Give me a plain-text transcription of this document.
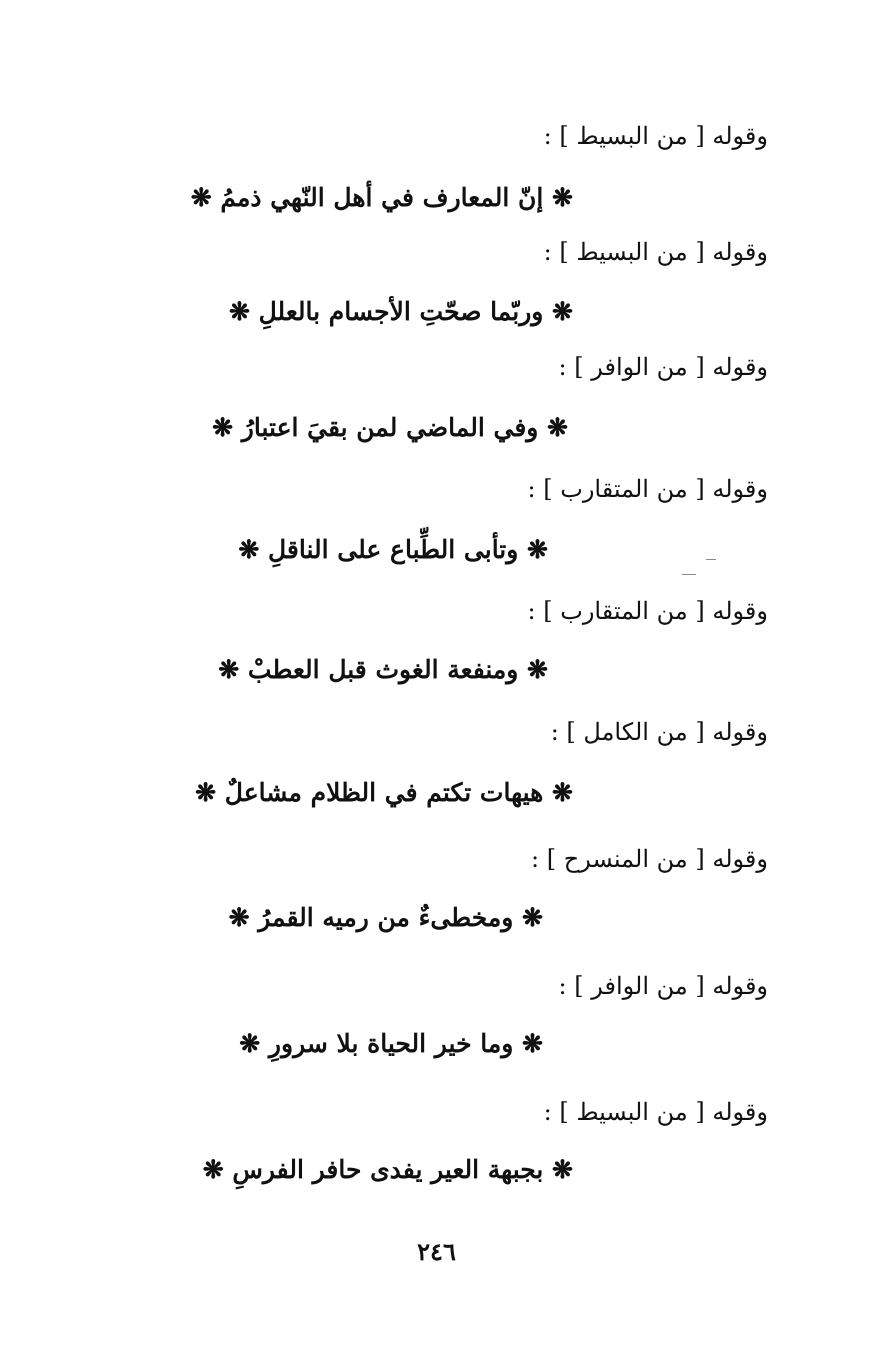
وقوله [ من البسيط ] :
❋ إنّ المعارف في أهل النّهي ذممُ ❋
وقوله [ من البسيط ] :
❋ وربّما صحّتِ الأجسام بالعللِ ❋
وقوله [ من الوافر ] :
❋ وفي الماضي لمن بقيَ اعتبارُ ❋
وقوله [ من المتقارب ] :
❋ وتأبى الطِّباع على الناقلِ ❋
وقوله [ من المتقارب ] :
❋ ومنفعة الغوث قبل العطبْ ❋
وقوله [ من الكامل ] :
❋ هيهات تكتم في الظلام مشاعلٌ ❋
وقوله [ من المنسرح ] :
❋ ومخطىءٌ من رميه القمرُ ❋
وقوله [ من الوافر ] :
❋ وما خير الحياة بلا سرورِ ❋
وقوله [ من البسيط ] :
❋ بجبهة العير يفدى حافر الفرسِ ❋
٢٤٦
